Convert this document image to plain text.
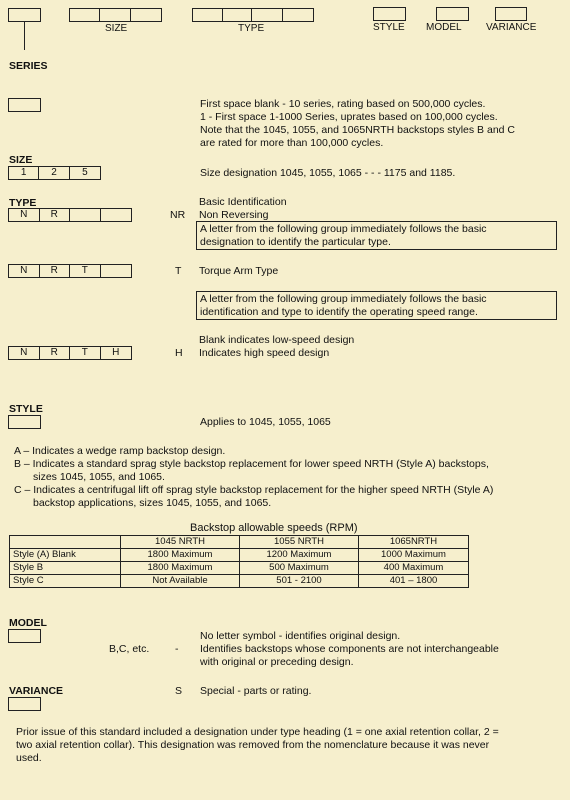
SIZE	TYPE	STYLE MODEL VARIANCE
SERIES
First space blank - 10 series, rating based on 500,000 cycles.
1 - First space 1-1000 Series, uprates based on 100,000 cycles.
Note that the 1045, 1055, and 1065NRTH backstops styles B and C
are rated for more than 100,000 cycles.
SIZE
1	2	5	Size designation 1045, 1055, 1065 - - - 1175 and 1185.
TYPE	Basic Identification
N	R	NR Non Reversing
A letter from the following group immediately follows the basic
designation to identify the particular type.
N	R	T	T Torque Arm Type
A letter from the following group immediately follows the basic
identification and type to identify the operating speed range.
Blank indicates low-speed design
N	R	T	H	H Indicates high speed design
STYLE
Applies to 1045, 1055, 1065
A – Indicates a wedge ramp backstop design.
B – Indicates a standard sprag style backstop replacement for lower speed NRTH (Style A) backstops,
sizes 1045, 1055, and 1065.
C – Indicates a centrifugal lift off sprag style backstop replacement for the higher speed NRTH (Style A)
backstop applications, sizes 1045, 1055, and 1065.
Backstop allowable speeds (RPM)
	1045 NRTH	1055 NRTH	1065NRTH
Style (A) Blank	1800 Maximum	1200 Maximum	1000 Maximum
Style B	1800 Maximum	500 Maximum	400 Maximum
Style C	Not Available	501 - 2100	401 – 1800
MODEL
No letter symbol - identifies original design.
B,C, etc. - Identifies backstops whose components are not interchangeable
with original or preceding design.
VARIANCE	S Special - parts or rating.
Prior issue of this standard included a designation under type heading (1 = one axial retention collar, 2 =
two axial retention collar). This designation was removed from the nomenclature because it was never
used.
